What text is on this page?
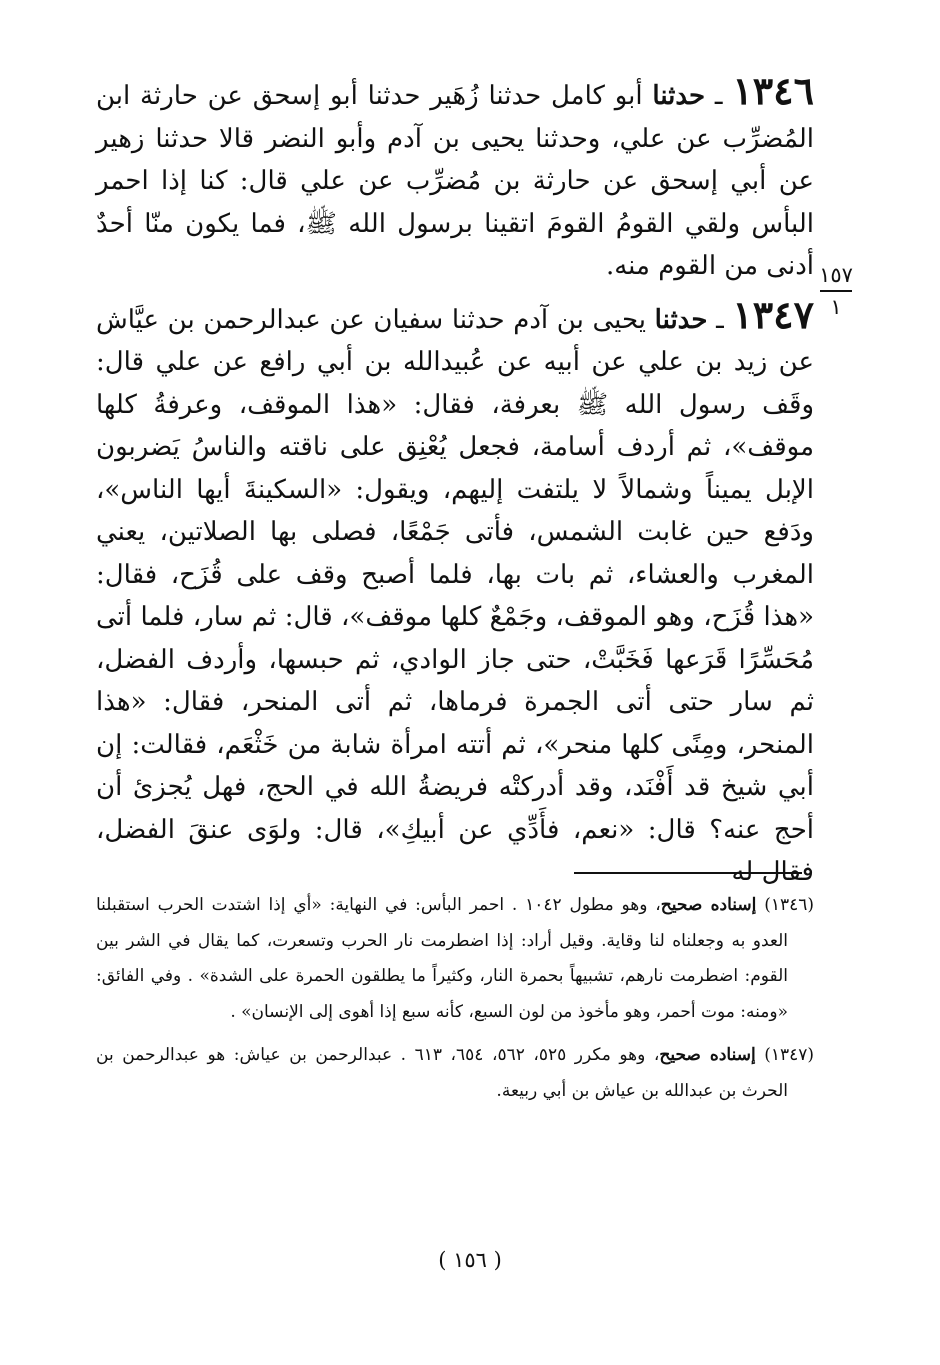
١٥٧
١

١٣٤٦ ـ حدثنا أبو كامل حدثنا زُهَير حدثنا أبو إسحق عن حارثة ابن المُضرِّب عن علي، وحدثنا يحيى بن آدم وأبو النضر قالا حدثنا زهير عن أبي إسحق عن حارثة بن مُضرِّب عن علي قال: كنا إذا احمر البأس ولقي القومُ القومَ اتقينا برسول الله ﷺ، فما يكون منّا أحدٌ أدنى من القوم منه.

١٣٤٧ ـ حدثنا يحيى بن آدم حدثنا سفيان عن عبدالرحمن بن عيَّاش عن زيد بن علي عن أبيه عن عُبيدالله بن أبي رافع عن علي قال: وقَف رسول الله ﷺ بعرفة، فقال: «هذا الموقف، وعرفةُ كلها موقف»، ثم أردف أسامة، فجعل يُعْنِق على ناقته والناسُ يَضربون الإبل يميناً وشمالاً لا يلتفت إليهم، ويقول: «السكينةَ أيها الناس»، ودَفع حين غابت الشمس، فأتى جَمْعًا، فصلى بها الصلاتين، يعني المغرب والعشاء، ثم بات بها، فلما أصبح وقف على قُزَح، فقال: «هذا قُزَح، وهو الموقف، وجَمْعٌ كلها موقف»، قال: ثم سار، فلما أتى مُحَسِّرًا قَرَعها فَخَبَّتْ، حتى جاز الوادي، ثم حبسها، وأردف الفضل، ثم سار حتى أتى الجمرة فرماها، ثم أتى المنحر، فقال: «هذا المنحر، ومِنًى كلها منحر»، ثم أتته امرأة شابة من خَثْعَم، فقالت: إن أبي شيخ قد أَفْنَد، وقد أدركتْه فريضةُ الله في الحج، فهل يُجزئ أن أحج عنه؟ قال: «نعم، فأَدِّي عن أبيكِ»، قال: ولوَى عنقَ الفضل، فقال له

(١٣٤٦) إسناده صحيح، وهو مطول ١٠٤٢ . احمر البأس: في النهاية: «أي إذا اشتدت الحرب استقبلنا العدو به وجعلناه لنا وقاية. وقيل أراد: إذا اضطرمت نار الحرب وتسعرت، كما يقال في الشر بين القوم: اضطرمت نارهم، تشبيهاً بحمرة النار، وكثيراً ما يطلقون الحمرة على الشدة» . وفي الفائق: «ومنه: موت أحمر، وهو مأخوذ من لون السبع، كأنه سبع إذا أهوى إلى الإنسان» .

(١٣٤٧) إسناده صحيح، وهو مكرر ٥٢٥، ٥٦٢، ٦٥٤، ٦١٣ . عبدالرحمن بن عياش: هو عبدالرحمن بن الحرث بن عبدالله بن عياش بن أبي ربيعة.

( ١٥٦ )
